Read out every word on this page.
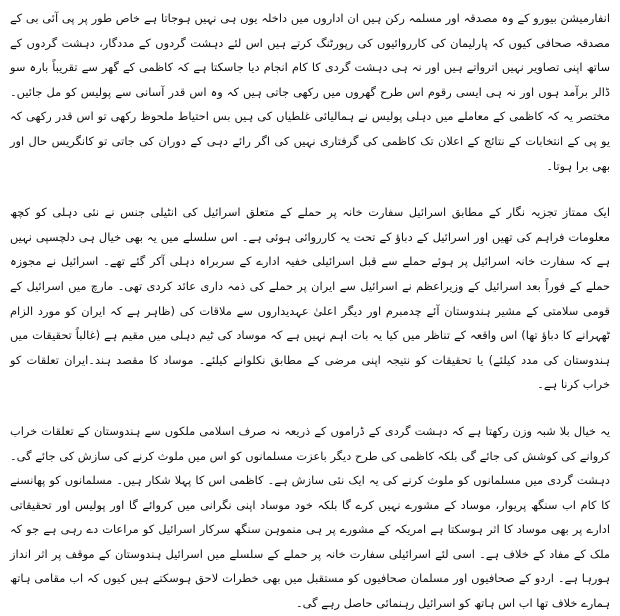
انفارمیشن بیورو کے وہ مصدقہ اور مسلمہ رکن ہیں ان اداروں میں داخلہ یوں ہی نہیں ہوجاتا ہے خاص طور پر پی آئی بی کے مصدقہ صحافی کیوں کہ پارلیمان کی کارروائیوں کی رپورٹنگ کرتے ہیں اس لئے دہشت گردوں کے مددگار، دہشت گردوں کے ساتھ اپنی تصاویر نہیں اترواتے ہیں اور نہ ہی دہشت گردی کا کام انجام دیا جاسکتا ہے کہ کاظمی کے گھر سے تقریباً بارہ سو ڈالر برآمد ہوں اور نہ ہی ایسی رقوم اس طرح گھروں میں رکھی جاتی ہیں کہ وہ اس قدر آسانی سے پولیس کو مل جائیں۔ مختصر یہ کہ کاظمی کے معاملے میں دہلی پولیس نے ہمالیائی غلطیاں کی ہیں بس احتیاط ملحوظ رکھی تو اس قدر رکھی کہ یو پی کے انتخابات کے نتائج کے اعلان تک کاظمی کی گرفتاری نہیں کی اگر رائے دہی کے دوران کی جاتی تو کانگریس حال اور بھی برا ہوتا۔

ایک ممتاز تجزیہ نگار کے مطابق اسرائیل سفارت خانہ پر حملے کے متعلق اسرائیل کی انٹیلی جنس نے نئی دہلی کو کچھ معلومات فراہم کی تھیں اور اسرائیل کے دباؤ کے تحت یہ کارروائی ہوئی ہے۔ اس سلسلے میں یہ بھی خیال ہی دلچسپی نہیں ہے کہ سفارت خانہ اسرائیل پر ہوئے حملے سے قبل اسرائیلی خفیہ ادارے کے سربراہ دہلی آکر گئے تھے۔ اسرائیل نے مجوزہ حملے کے فوراً بعد اسرائیل کے وزیراعظم نے اسرائیل سے ایران پر حملے کی ذمہ داری عائد کردی تھی۔ مارچ میں اسرائیل کے قومی سلامتی کے مشیر ہندوستان آئے چدمبرم اور دیگر اعلیٰ عہدیداروں سے ملاقات کی (ظاہر ہے کہ ایران کو مورد الزام ٹھہرانے کا دباؤ تھا) اس واقعہ کے تناظر میں کیا یہ بات اہم نہیں ہے کہ موساد کی ٹیم دہلی میں مقیم ہے (غالباً تحقیقات میں ہندوستان کی مدد کیلئے) یا تحقیقات کو نتیجہ اپنی مرضی کے مطابق نکلوانے کیلئے۔ موساد کا مقصد ہند۔ایران تعلقات کو خراب کرنا ہے۔

یہ خیال بلا شبہ وزن رکھتا ہے کہ دہشت گردی کے ڈراموں کے ذریعہ نہ صرف اسلامی ملکوں سے ہندوستان کے تعلقات خراب کروانے کی کوشش کی جائے گی بلکہ کاظمی کی طرح دیگر باعزت مسلمانوں کو اس میں ملوث کرنے کی سازش کی جائے گی۔ دہشت گردی میں مسلمانوں کو ملوث کرنے کی یہ ایک نئی سازش ہے۔ کاظمی اس کا پہلا شکار ہیں۔ مسلمانوں کو پھانسنے کا کام اب سنگھ پریوار، موساد کے مشورے نہیں کرے گا بلکہ خود موساد اپنی نگرانی میں کروائے گا اور پولیس اور تحقیقاتی ادارے پر بھی موساد کا اثر ہوسکتا ہے امریکہ کے مشورے پر ہی منموہن سنگھ سرکار اسرائیل کو مراعات دے رہی ہے جو کہ ملک کے مفاد کے خلاف ہے۔ اسی لئے اسرائیلی سفارت خانہ پر حملے کے سلسلے میں اسرائیل ہندوستان کے موقف پر اثر انداز ہورہا ہے۔ اردو کے صحافیوں اور مسلمان صحافیوں کو مستقبل میں بھی خطرات لاحق ہوسکتے ہیں کیوں کہ اب مقامی ہاتھ ہمارے خلاف تھا اب اس ہاتھ کو اسرائیل رہنمائی حاصل رہے گی۔
